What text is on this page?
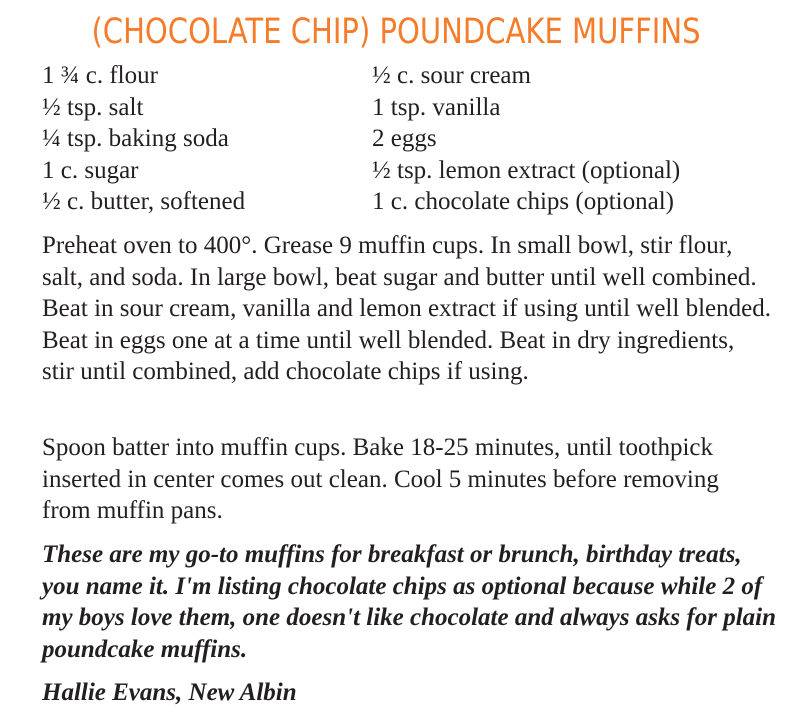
(CHOCOLATE CHIP) POUNDCAKE MUFFINS
1 ¾ c. flour	½ c. sour cream
½ tsp. salt	1 tsp. vanilla
¼ tsp. baking soda	2 eggs
1 c. sugar	½ tsp. lemon extract (optional)
½ c. butter, softened	1 c. chocolate chips (optional)

Preheat oven to 400°. Grease 9 muffin cups. In small bowl, stir flour, salt, and soda. In large bowl, beat sugar and butter until well combined. Beat in sour cream, vanilla and lemon extract if using until well blended. Beat in eggs one at a time until well blended. Beat in dry ingredients, stir until combined, add chocolate chips if using.

Spoon batter into muffin cups. Bake 18-25 minutes, until toothpick inserted in center comes out clean. Cool 5 minutes before removing from muffin pans.

These are my go-to muffins for breakfast or brunch, birthday treats, you name it. I'm listing chocolate chips as optional because while 2 of my boys love them, one doesn't like chocolate and always asks for plain poundcake muffins.

Hallie Evans, New Albin
